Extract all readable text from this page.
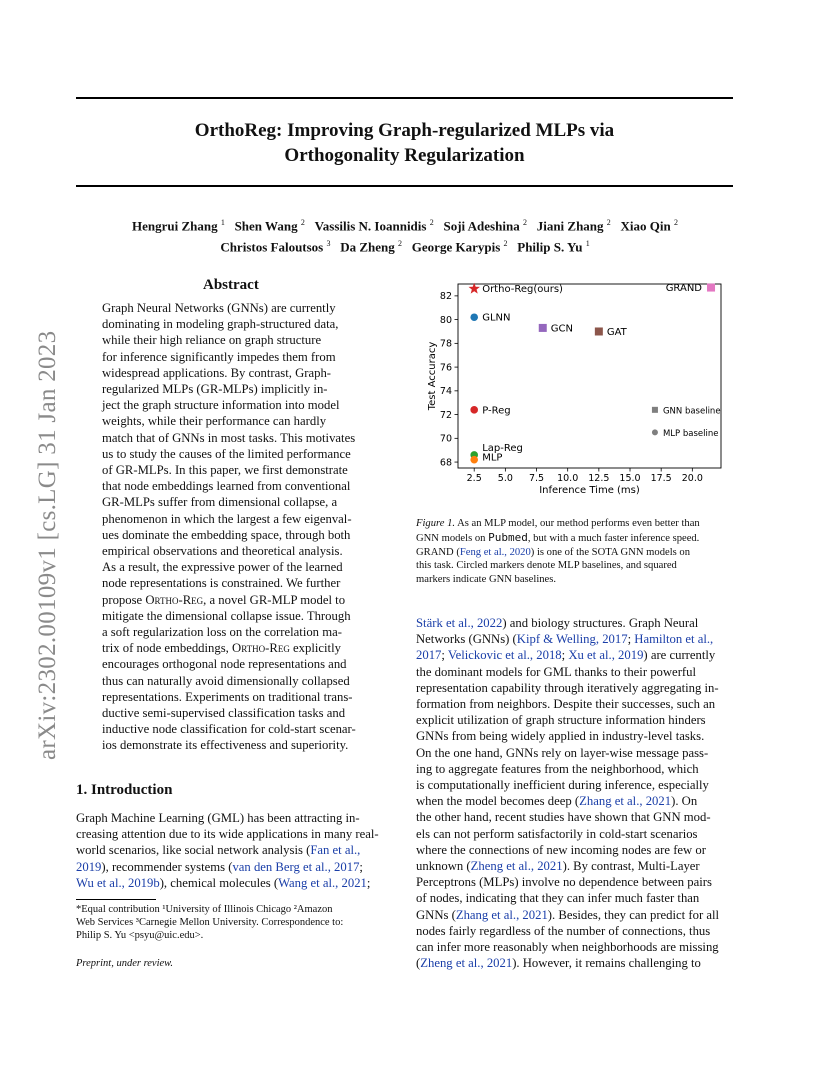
OrthoReg: Improving Graph-regularized MLPs via
Orthogonality Regularization
Hengrui Zhang $^1$ Shen Wang $^2$ Vassilis N. Ioannidis $^2$ Soji Adeshina $^2$ Jiani Zhang $^2$ Xiao Qin $^2$
Christos Faloutsos $^3$ Da Zheng $^2$ George Karypis $^2$ Philip S. Yu $^1$
arXiv:2302.00109v1 [cs.LG] 31 Jan 2023
Abstract
Graph Neural Networks (GNNs) are currently
dominating in modeling graph-structured data,
while their high reliance on graph structure
for inference significantly impedes them from
widespread applications. By contrast, Graph-
regularized MLPs (GR-MLPs) implicitly in-
ject the graph structure information into model
weights, while their performance can hardly
match that of GNNs in most tasks. This motivates
us to study the causes of the limited performance
of GR-MLPs. In this paper, we first demonstrate
that node embeddings learned from conventional
GR-MLPs suffer from dimensional collapse, a
phenomenon in which the largest a few eigenval-
ues dominate the embedding space, through both
empirical observations and theoretical analysis.
As a result, the expressive power of the learned
node representations is constrained. We further
propose Ortho-Reg, a novel GR-MLP model to
mitigate the dimensional collapse issue. Through
a soft regularization loss on the correlation ma-
trix of node embeddings, Ortho-Reg explicitly
encourages orthogonal node representations and
thus can naturally avoid dimensionally collapsed
representations. Experiments on traditional trans-
ductive semi-supervised classification tasks and
inductive node classification for cold-start scenar-
ios demonstrate its effectiveness and superiority.
1. Introduction
Graph Machine Learning (GML) has been attracting in-
creasing attention due to its wide applications in many real-
world scenarios, like social network analysis (Fan et al.,
2019), recommender systems (van den Berg et al., 2017;
Wu et al., 2019b), chemical molecules (Wang et al., 2021;
Stärk et al., 2022) and biology structures. Graph Neural
Networks (GNNs) (Kipf & Welling, 2017; Hamilton et al.,
2017; Velickovic et al., 2018; Xu et al., 2019) are currently
the dominant models for GML thanks to their powerful
representation capability through iteratively aggregating in-
formation from neighbors. Despite their successes, such an
explicit utilization of graph structure information hinders
GNNs from being widely applied in industry-level tasks.
On the one hand, GNNs rely on layer-wise message pass-
ing to aggregate features from the neighborhood, which
is computationally inefficient during inference, especially
when the model becomes deep (Zhang et al., 2021). On
the other hand, recent studies have shown that GNN mod-
els can not perform satisfactorily in cold-start scenarios
where the connections of new incoming nodes are few or
unknown (Zheng et al., 2021). By contrast, Multi-Layer
Perceptrons (MLPs) involve no dependence between pairs
of nodes, indicating that they can infer much faster than
GNNs (Zhang et al., 2021). Besides, they can predict for all
nodes fairly regardless of the number of connections, thus
can infer more reasonably when neighborhoods are missing
(Zheng et al., 2021). However, it remains challenging to
*Equal contribution ¹University of Illinois Chicago ²Amazon
Web Services ³Carnegie Mellon University. Correspondence to:
Philip S. Yu <psyu@uic.edu>.
Preprint, under review.
2.5 5.0 7.5 10.0 12.5 15.0 17.5 20.0
68
70
72
74
76
78
80
82
Inference Time (ms)
Test Accuracy
Ortho-Reg(ours)
GLNN
P-Reg
Lap-Reg
MLP
GCN	GAT
GRAND
GNN baseline
MLP baseline
Figure 1. As an MLP model, our method performs even better than
GNN models on Pubmed, but with a much faster inference speed.
GRAND (Feng et al., 2020) is one of the SOTA GNN models on
this task. Circled markers denote MLP baselines, and squared
markers indicate GNN baselines.
